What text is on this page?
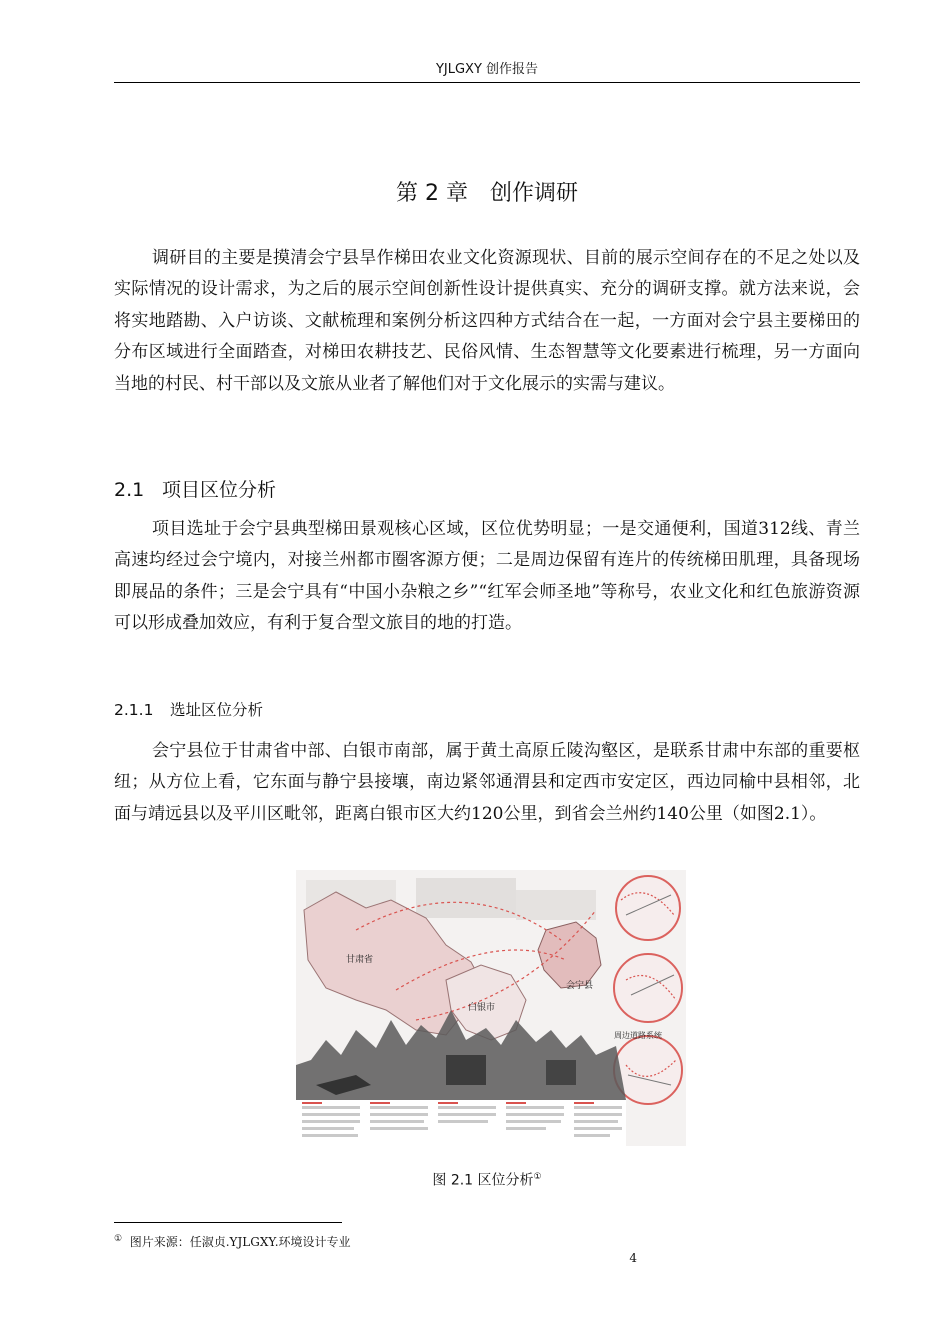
YJLGXY 创作报告
第 2 章　创作调研

调研目的主要是摸清会宁县旱作梯田农业文化资源现状、目前的展示空间存在的不足之处以及实际情况的设计需求，为之后的展示空间创新性设计提供真实、充分的调研支撑。就方法来说，会将实地踏勘、入户访谈、文献梳理和案例分析这四种方式结合在一起，一方面对会宁县主要梯田的分布区域进行全面踏查，对梯田农耕技艺、民俗风情、生态智慧等文化要素进行梳理，另一方面向当地的村民、村干部以及文旅从业者了解他们对于文化展示的实需与建议。

2.1 项目区位分析

项目选址于会宁县典型梯田景观核心区域，区位优势明显；一是交通便利，国道312线、青兰高速均经过会宁境内，对接兰州都市圈客源方便；二是周边保留有连片的传统梯田肌理，具备现场即展品的条件；三是会宁具有“中国小杂粮之乡”“红军会师圣地”等称号，农业文化和红色旅游资源可以形成叠加效应，有利于复合型文旅目的地的打造。

2.1.1 选址区位分析

会宁县位于甘肃省中部、白银市南部，属于黄土高原丘陵沟壑区，是联系甘肃中东部的重要枢纽；从方位上看，它东面与静宁县接壤，南边紧邻通渭县和定西市安定区，西边同榆中县相邻，北面与靖远县以及平川区毗邻，距离白银市区大约120公里，到省会兰州约140公里（如图2.1）。

甘肃省
白银市
会宁县
周边道路系统
图 2.1 区位分析①
① 图片来源：任淑贞.YJLGXY.环境设计专业
4
